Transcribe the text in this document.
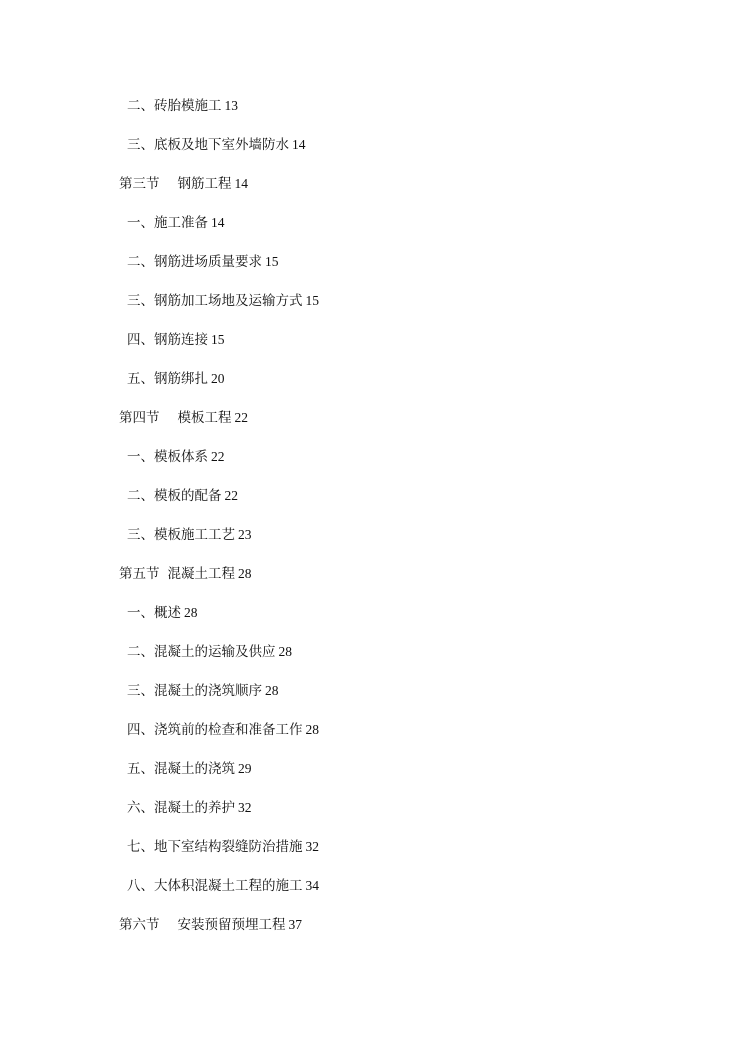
二、砖胎模施工 13
三、底板及地下室外墙防水 14
第三节 钢筋工程 14
一、施工准备 14
二、钢筋进场质量要求 15
三、钢筋加工场地及运输方式 15
四、钢筋连接 15
五、钢筋绑扎 20
第四节 模板工程 22
一、模板体系 22
二、模板的配备 22
三、模板施工工艺 23
第五节 混凝土工程 28
一、概述 28
二、混凝土的运输及供应 28
三、混凝土的浇筑顺序 28
四、浇筑前的检查和准备工作 28
五、混凝土的浇筑 29
六、混凝土的养护 32
七、地下室结构裂缝防治措施 32
八、大体积混凝土工程的施工 34
第六节 安装预留预埋工程 37
